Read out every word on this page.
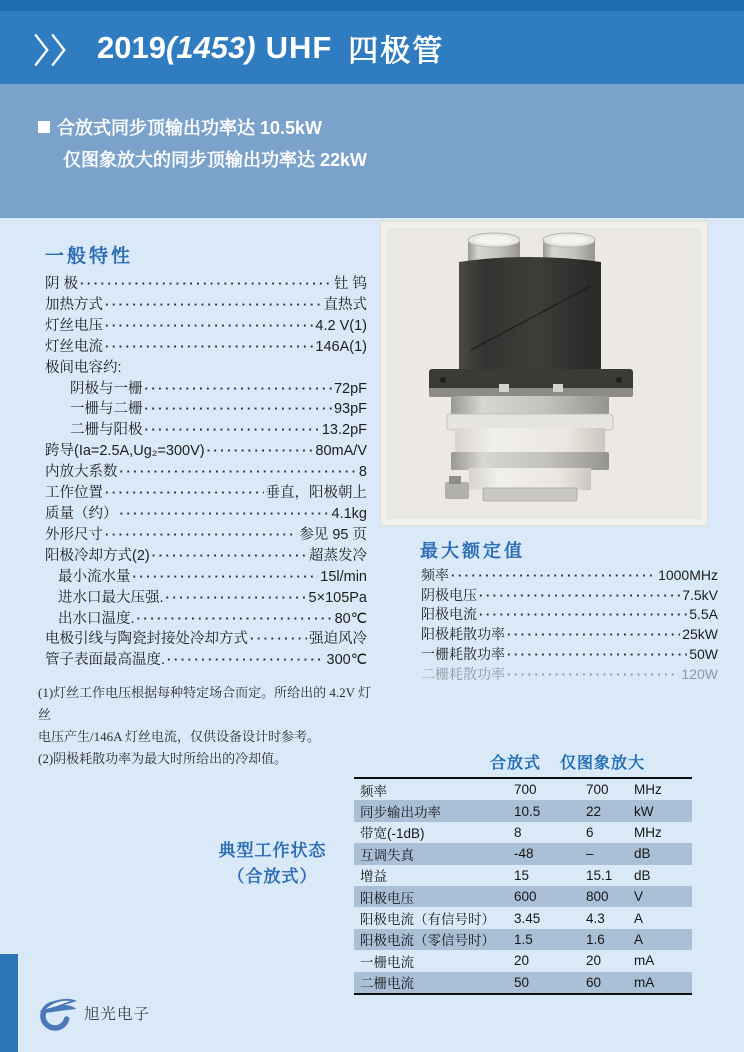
〉〉 2019 (1453) UHF 四极管
合放式同步顶输出功率达 10.5kW
仅图象放大的同步顶输出功率达 22kW
一般特性
阴 极 ·····	钍 钨
加热方式 ·····	直热式
灯丝电压 ·····	4.2 V(1)
灯丝电流 ·····	146A(1)
极间电容约:
阴极与一栅 ·····	72pF
一栅与二栅 ·····	93pF
二栅与阳极 ·····	13.2pF
跨导(Ia=2.5A,Ug₂=300V) ·····	80mA/V
内放大系数 ·····	8
工作位置 ·····	垂直，阳极朝上
质量（约） ·····	4.1kg
外形尺寸 ·····	参见 95 页
阳极冷却方式(2) ·····	超蒸发冷
最小流水量 ·····	15l/min
进水口最大压强. ·····	5×105Pa
出水口温度. ·····	80℃
电极引线与陶瓷封接处冷却方式 ·····	强迫风冷
管子表面最高温度. ·····	300℃
最大额定值
频率 ·····	1000MHz
阴极电压 ·····	7.5kV
阳极电流 ·····	5.5A
阳极耗散功率 ·····	25kW
一栅耗散功率 ·····	50W
二栅耗散功率 ·····	120W
(1)灯丝工作电压根据每种特定场合而定。所给出的 4.2V 灯丝
电压产生/146A 灯丝电流，仅供设备设计时参考。
(2)阴极耗散功率为最大时所给出的冷却值。
典型工作状态
（合放式）
合放式 仅图象放大
频率	700	700	MHz
同步输出功率	10.5	22	kW
带宽(-1dB)	8	6	MHz
互调失真	-48	–	dB
增益	15	15.1	dB
阳极电压	600	800	V
阳极电流（有信号时）	3.45	4.3	A
阳极电流（零信号时）	1.5	1.6	A
一栅电流	20	20	mA
二栅电流	50	60	mA
旭光电子
